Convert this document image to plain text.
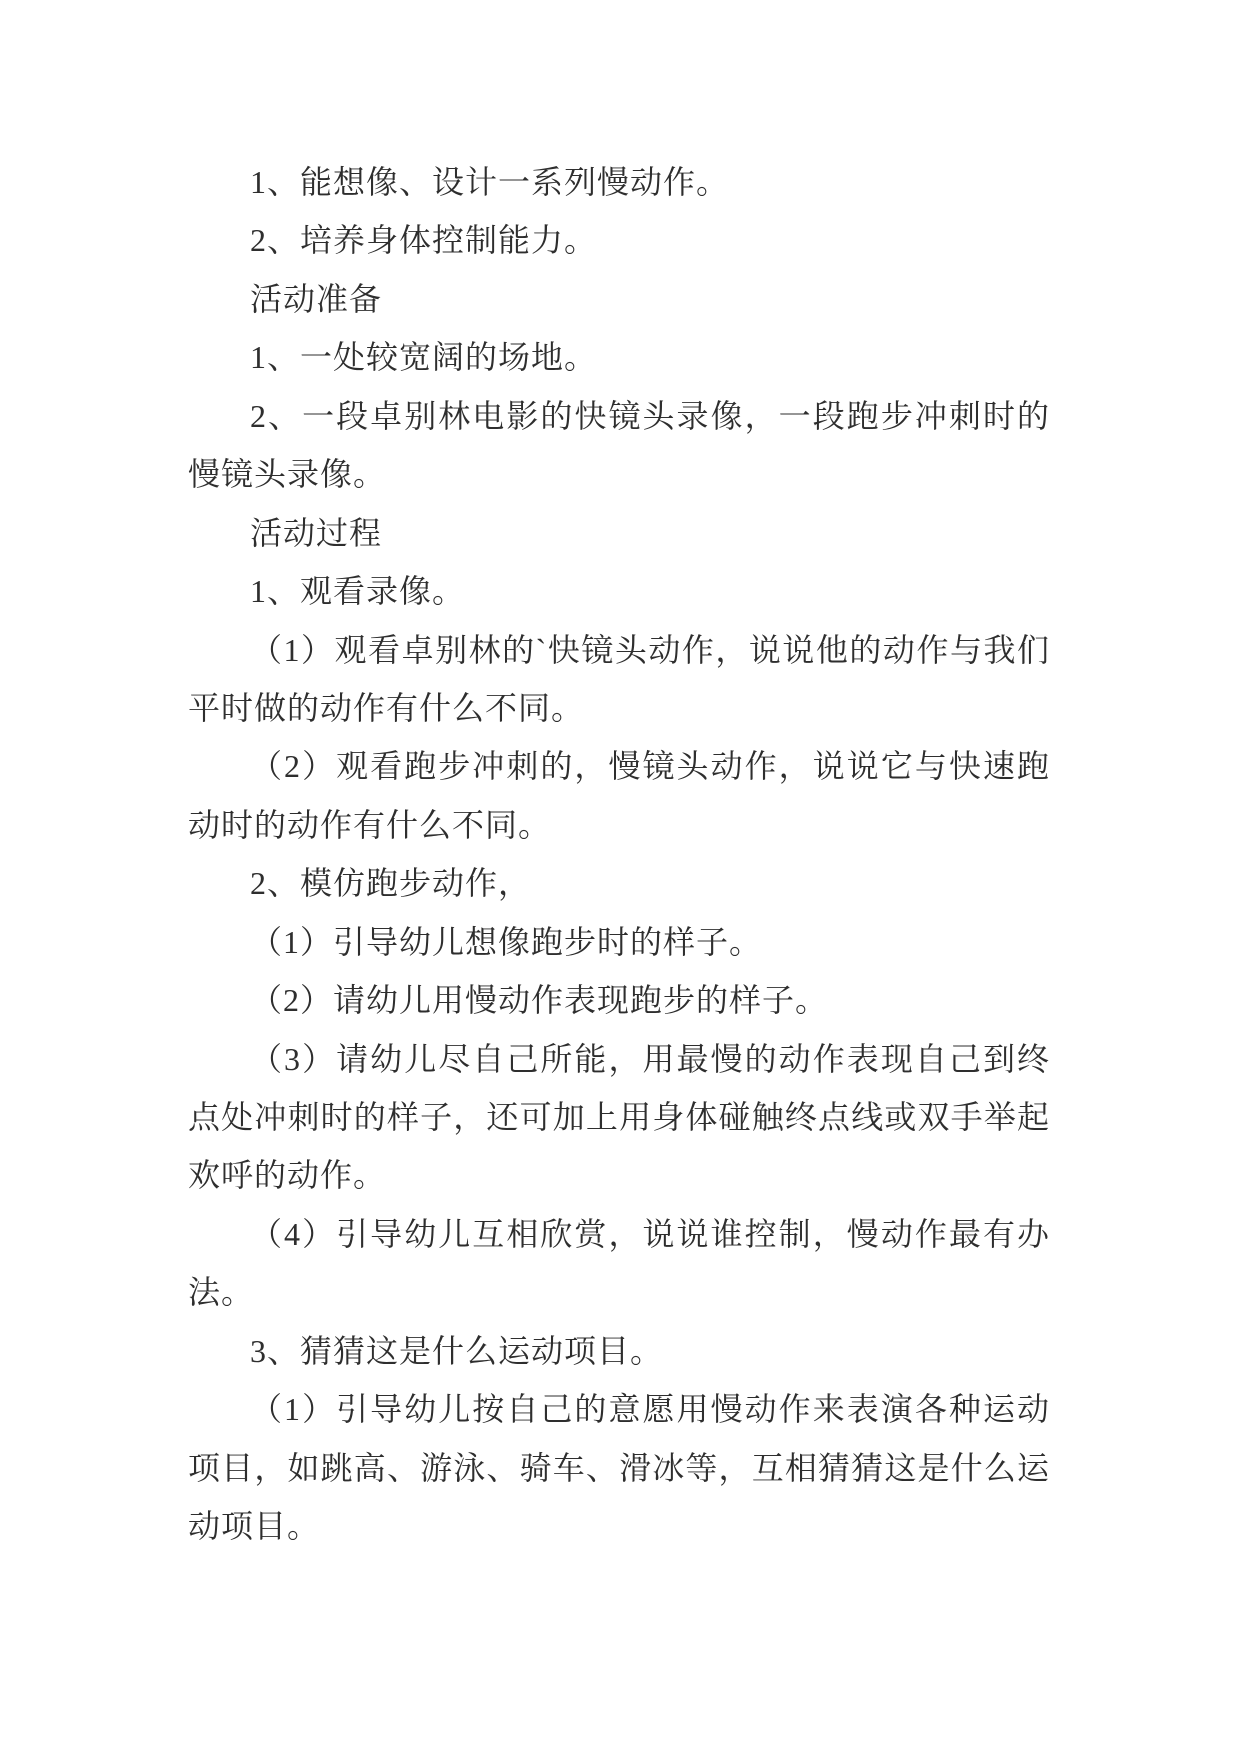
1、能想像、设计一系列慢动作。
2、培养身体控制能力。
活动准备
1、一处较宽阔的场地。
2、一段卓别林电影的快镜头录像，一段跑步冲刺时的
慢镜头录像。
活动过程
1、观看录像。
（1）观看卓别林的`快镜头动作，说说他的动作与我们
平时做的动作有什么不同。
（2）观看跑步冲刺的，慢镜头动作，说说它与快速跑
动时的动作有什么不同。
2、模仿跑步动作，
（1）引导幼儿想像跑步时的样子。
（2）请幼儿用慢动作表现跑步的样子。
（3）请幼儿尽自己所能，用最慢的动作表现自己到终
点处冲刺时的样子，还可加上用身体碰触终点线或双手举起
欢呼的动作。
（4）引导幼儿互相欣赏，说说谁控制，慢动作最有办
法。
3、猜猜这是什么运动项目。
（1）引导幼儿按自己的意愿用慢动作来表演各种运动
项目，如跳高、游泳、骑车、滑冰等，互相猜猜这是什么运
动项目。
